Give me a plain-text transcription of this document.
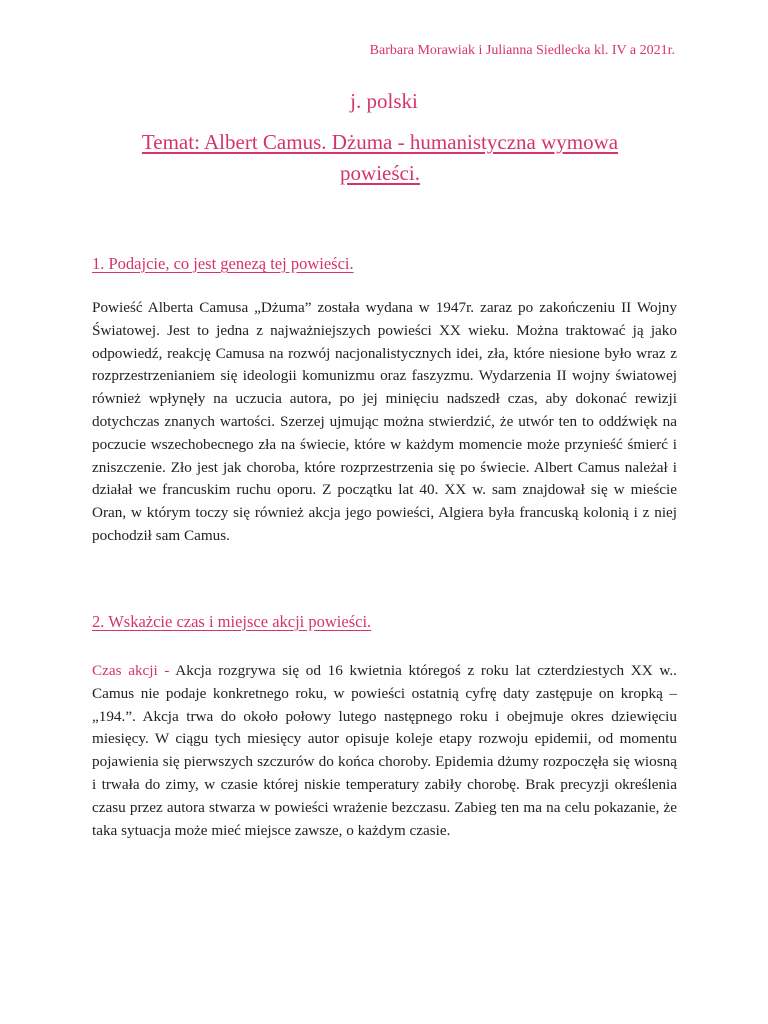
Barbara Morawiak i Julianna Siedlecka kl. IV a 2021r.
j. polski
Temat: Albert Camus. Dżuma - humanistyczna wymowa powieści.
1. Podajcie, co jest genezą tej powieści.
Powieść Alberta Camusa „Dżuma” została wydana w 1947r. zaraz po zakończeniu II Wojny Światowej. Jest to jedna z najważniejszych powieści XX wieku. Można traktować ją jako odpowiedź, reakcję Camusa na rozwój nacjonalistycznych idei, zła, które niesione było wraz z rozprzestrzenianiem się ideologii komunizmu oraz faszyzmu. Wydarzenia II wojny światowej również wpłynęły na uczucia autora, po jej minięciu nadszedł czas, aby dokonać rewizji dotychczas znanych wartości. Szerzej ujmując można stwierdzić, że utwór ten to oddźwięk na poczucie wszechobecnego zła na świecie, które w każdym momencie może przynieść śmierć i zniszczenie. Zło jest jak choroba, które rozprzestrzenia się po świecie. Albert Camus należał i działał we francuskim ruchu oporu. Z początku lat 40. XX w. sam znajdował się w mieście Oran, w którym toczy się również akcja jego powieści, Algiera była francuską kolonią i z niej pochodził sam Camus.
2. Wskażcie czas i miejsce akcji powieści.
Czas akcji - Akcja rozgrywa się od 16 kwietnia któregoś z roku lat czterdziestych XX w.. Camus nie podaje konkretnego roku, w powieści ostatnią cyfrę daty zastępuje on kropką – „194.”. Akcja trwa do około połowy lutego następnego roku i obejmuje okres dziewięciu miesięcy. W ciągu tych miesięcy autor opisuje koleje etapy rozwoju epidemii, od momentu pojawienia się pierwszych szczurów do końca choroby. Epidemia dżumy rozpoczęła się wiosną i trwała do zimy, w czasie której niskie temperatury zabiły chorobę. Brak precyzji określenia czasu przez autora stwarza w powieści wrażenie bezczasu. Zabieg ten ma na celu pokazanie, że taka sytuacja może mieć miejsce zawsze, o każdym czasie.
